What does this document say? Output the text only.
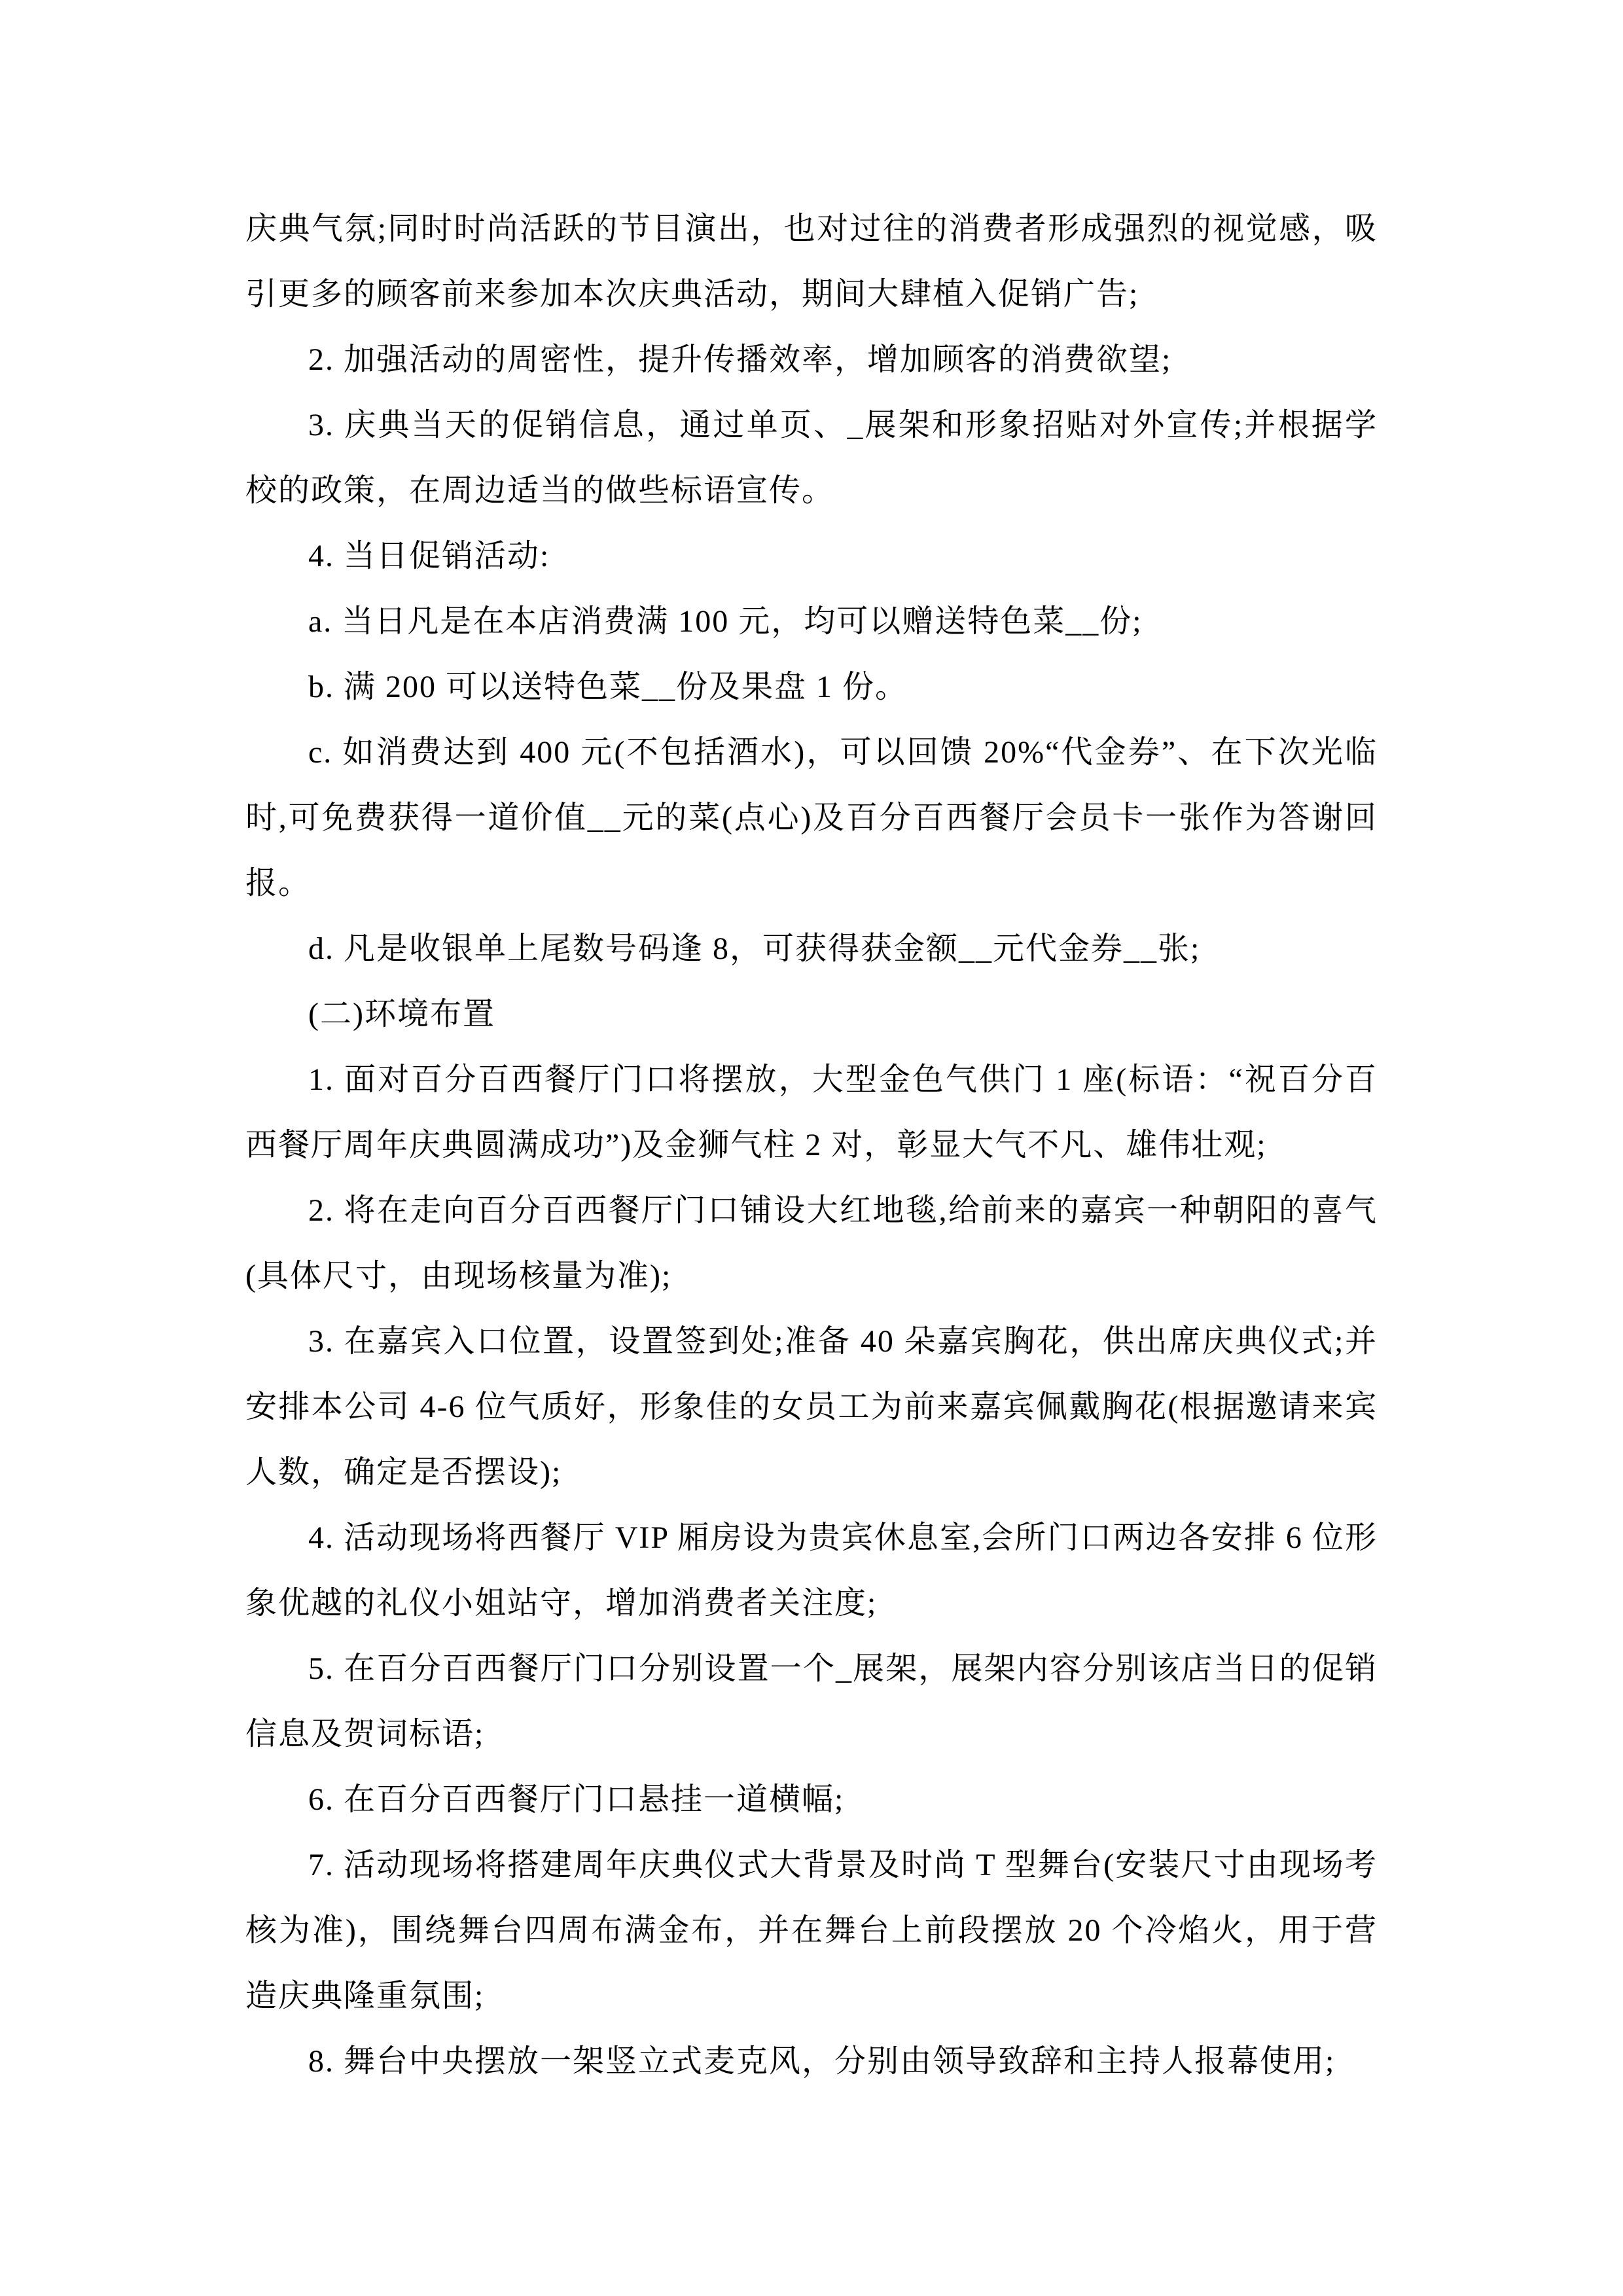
庆典气氛;同时时尚活跃的节目演出，也对过往的消费者形成强烈的视觉感，吸引更多的顾客前来参加本次庆典活动，期间大肆植入促销广告;

2. 加强活动的周密性，提升传播效率，增加顾客的消费欲望;

3. 庆典当天的促销信息，通过单页、_展架和形象招贴对外宣传;并根据学校的政策，在周边适当的做些标语宣传。

4. 当日促销活动:

a. 当日凡是在本店消费满 100 元，均可以赠送特色菜__份;

b. 满 200 可以送特色菜__份及果盘 1 份。

c. 如消费达到 400 元(不包括酒水)，可以回馈 20%“代金券”、在下次光临时,可免费获得一道价值__元的菜(点心)及百分百西餐厅会员卡一张作为答谢回报。

d. 凡是收银单上尾数号码逢 8，可获得获金额__元代金券__张;

(二)环境布置

1. 面对百分百西餐厅门口将摆放，大型金色气供门 1 座(标语：“祝百分百西餐厅周年庆典圆满成功”)及金狮气柱 2 对，彰显大气不凡、雄伟壮观;

2. 将在走向百分百西餐厅门口铺设大红地毯,给前来的嘉宾一种朝阳的喜气(具体尺寸，由现场核量为准);

3. 在嘉宾入口位置，设置签到处;准备 40 朵嘉宾胸花，供出席庆典仪式;并安排本公司 4-6 位气质好，形象佳的女员工为前来嘉宾佩戴胸花(根据邀请来宾人数，确定是否摆设);

4. 活动现场将西餐厅 VIP 厢房设为贵宾休息室,会所门口两边各安排 6 位形象优越的礼仪小姐站守，增加消费者关注度;

5. 在百分百西餐厅门口分别设置一个_展架，展架内容分别该店当日的促销信息及贺词标语;

6. 在百分百西餐厅门口悬挂一道横幅;

7. 活动现场将搭建周年庆典仪式大背景及时尚 T 型舞台(安装尺寸由现场考核为准)，围绕舞台四周布满金布，并在舞台上前段摆放 20 个冷焰火，用于营造庆典隆重氛围;

8. 舞台中央摆放一架竖立式麦克风，分别由领导致辞和主持人报幕使用;
